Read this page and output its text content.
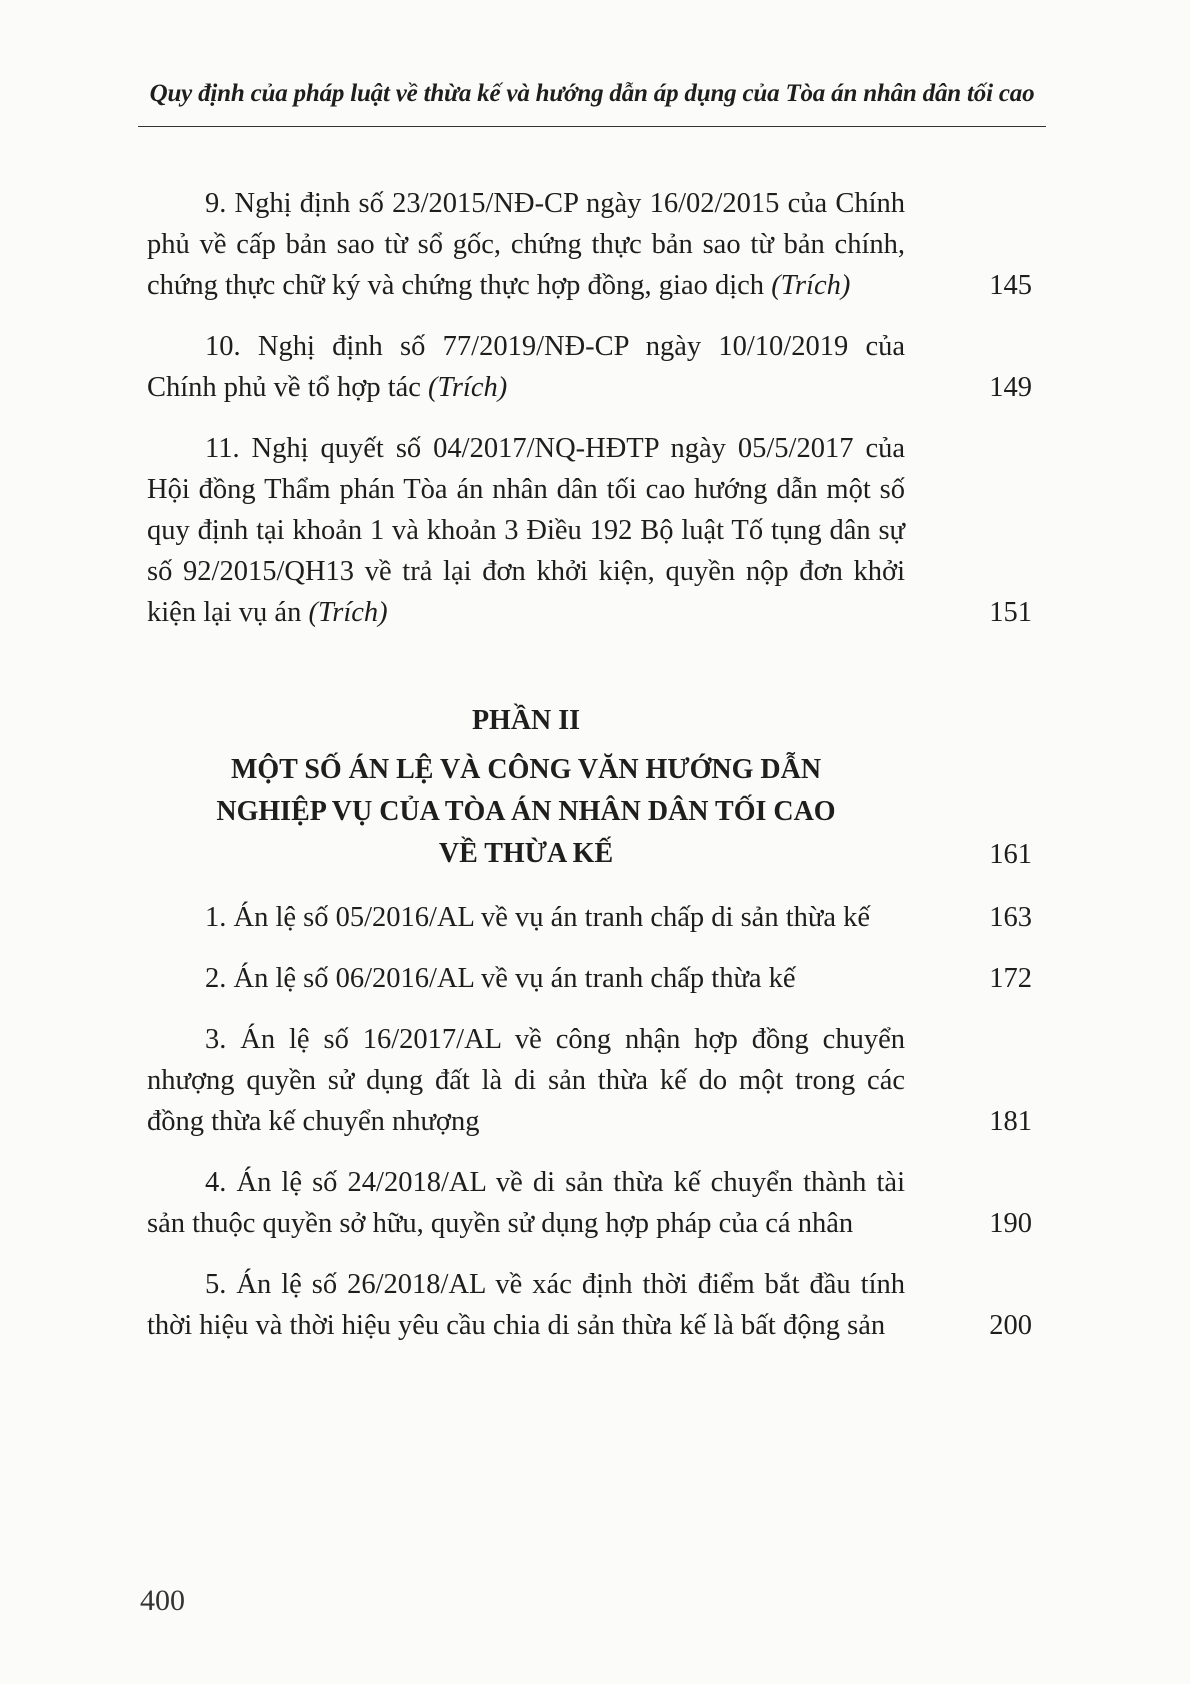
Quy định của pháp luật về thừa kế và hướng dẫn áp dụng của Tòa án nhân dân tối cao
9. Nghị định số 23/2015/NĐ-CP ngày 16/02/2015 của Chính phủ về cấp bản sao từ sổ gốc, chứng thực bản sao từ bản chính, chứng thực chữ ký và chứng thực hợp đồng, giao dịch (Trích)	145
10. Nghị định số 77/2019/NĐ-CP ngày 10/10/2019 của Chính phủ về tổ hợp tác (Trích)	149
11. Nghị quyết số 04/2017/NQ-HĐTP ngày 05/5/2017 của Hội đồng Thẩm phán Tòa án nhân dân tối cao hướng dẫn một số quy định tại khoản 1 và khoản 3 Điều 192 Bộ luật Tố tụng dân sự số 92/2015/QH13 về trả lại đơn khởi kiện, quyền nộp đơn khởi kiện lại vụ án (Trích)	151
PHẦN II
MỘT SỐ ÁN LỆ VÀ CÔNG VĂN HƯỚNG DẪN
NGHIỆP VỤ CỦA TÒA ÁN NHÂN DÂN TỐI CAO
VỀ THỪA KẾ	161
1. Án lệ số 05/2016/AL về vụ án tranh chấp di sản thừa kế	163
2. Án lệ số 06/2016/AL về vụ án tranh chấp thừa kế	172
3. Án lệ số 16/2017/AL về công nhận hợp đồng chuyển nhượng quyền sử dụng đất là di sản thừa kế do một trong các đồng thừa kế chuyển nhượng	181
4. Án lệ số 24/2018/AL về di sản thừa kế chuyển thành tài sản thuộc quyền sở hữu, quyền sử dụng hợp pháp của cá nhân	190
5. Án lệ số 26/2018/AL về xác định thời điểm bắt đầu tính thời hiệu và thời hiệu yêu cầu chia di sản thừa kế là bất động sản	200
400
